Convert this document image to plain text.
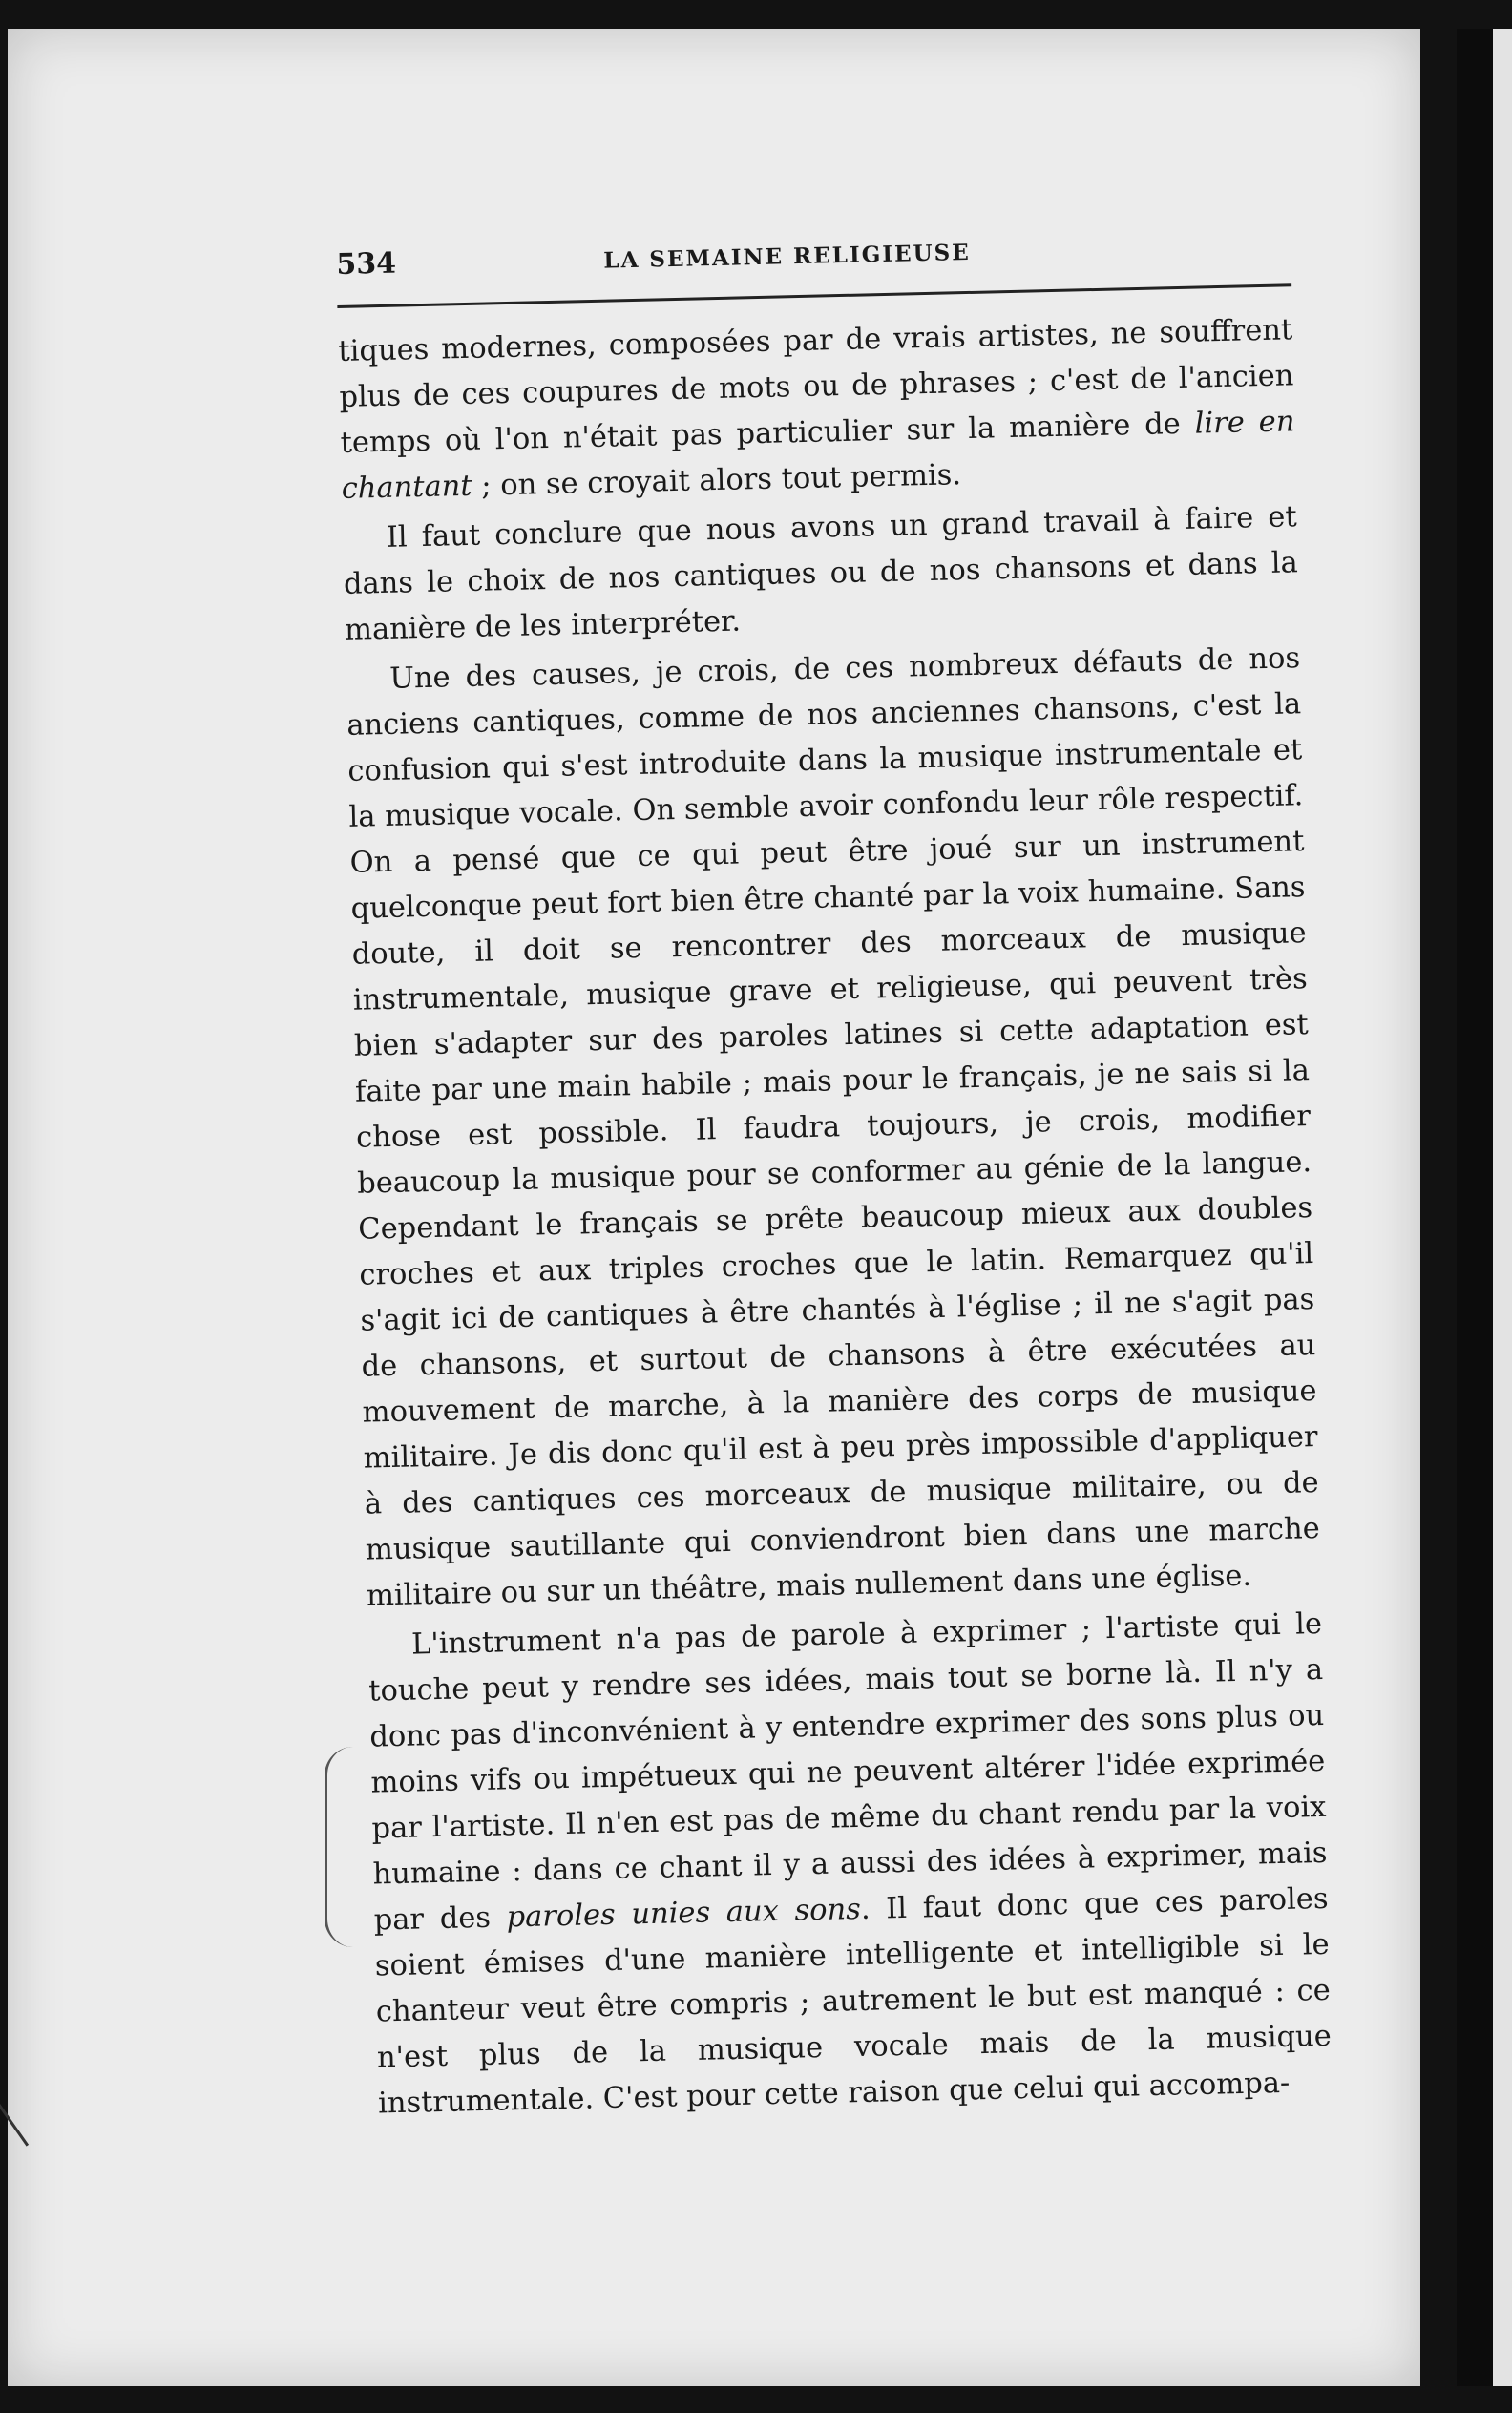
534	LA SEMAINE RELIGIEUSE

tiques modernes, composées par de vrais artistes, ne souffrent plus de ces coupures de mots ou de phrases ; c'est de l'ancien temps où l'on n'était pas particulier sur la manière de lire en chantant ; on se croyait alors tout permis.

Il faut conclure que nous avons un grand travail à faire et dans le choix de nos cantiques ou de nos chansons et dans la manière de les interpréter.

Une des causes, je crois, de ces nombreux défauts de nos anciens cantiques, comme de nos anciennes chansons, c'est la confusion qui s'est introduite dans la musique instrumentale et la musique vocale. On semble avoir confondu leur rôle respectif. On a pensé que ce qui peut être joué sur un instrument quelconque peut fort bien être chanté par la voix humaine. Sans doute, il doit se rencontrer des morceaux de musique instrumentale, musique grave et religieuse, qui peuvent très bien s'adapter sur des paroles latines si cette adaptation est faite par une main habile ; mais pour le français, je ne sais si la chose est possible. Il faudra toujours, je crois, modifier beaucoup la musique pour se conformer au génie de la langue. Cependant le français se prête beaucoup mieux aux doubles croches et aux triples croches que le latin. Remarquez qu'il s'agit ici de cantiques à être chantés à l'église ; il ne s'agit pas de chansons, et surtout de chansons à être exécutées au mouvement de marche, à la manière des corps de musique militaire. Je dis donc qu'il est à peu près impossible d'appliquer à des cantiques ces morceaux de musique militaire, ou de musique sautillante qui conviendront bien dans une marche militaire ou sur un théâtre, mais nullement dans une église.

L'instrument n'a pas de parole à exprimer ; l'artiste qui le touche peut y rendre ses idées, mais tout se borne là. Il n'y a donc pas d'inconvénient à y entendre exprimer des sons plus ou moins vifs ou impétueux qui ne peuvent altérer l'idée exprimée par l'artiste. Il n'en est pas de même du chant rendu par la voix humaine : dans ce chant il y a aussi des idées à exprimer, mais par des paroles unies aux sons. Il faut donc que ces paroles soient émises d'une manière intelligente et intelligible si le chanteur veut être compris ; autrement le but est manqué : ce n'est plus de la musique vocale mais de la musique instrumentale. C'est pour cette raison que celui qui accompa-
